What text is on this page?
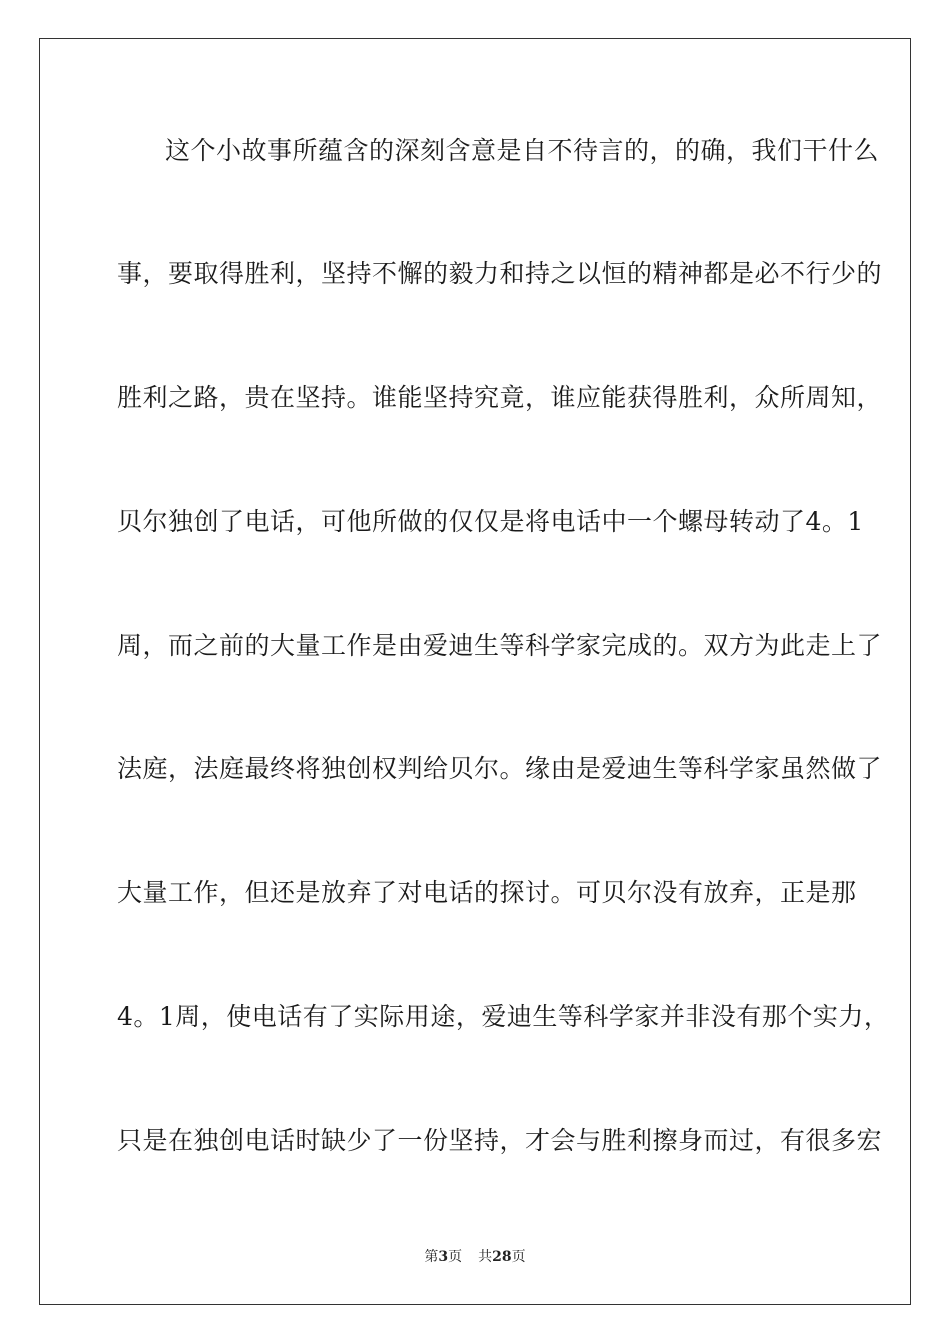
这个小故事所蕴含的深刻含意是自不待言的，的确，我们干什么
事，要取得胜利，坚持不懈的毅力和持之以恒的精神都是必不行少的
胜利之路，贵在坚持。谁能坚持究竟，谁应能获得胜利，众所周知，
贝尔独创了电话，可他所做的仅仅是将电话中一个螺母转动了4。1
周，而之前的大量工作是由爱迪生等科学家完成的。双方为此走上了
法庭，法庭最终将独创权判给贝尔。缘由是爱迪生等科学家虽然做了
大量工作，但还是放弃了对电话的探讨。可贝尔没有放弃，正是那
4。1周，使电话有了实际用途，爱迪生等科学家并非没有那个实力，
只是在独创电话时缺少了一份坚持，才会与胜利擦身而过，有很多宏
第3页 共28页
